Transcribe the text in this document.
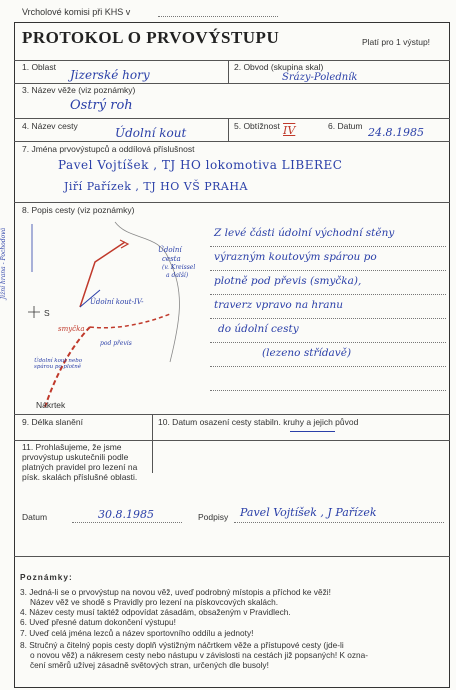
Vrcholové komisi při KHS v
PROTOKOL O PRVOVÝSTUPU	Platí pro 1 výstup!
1. Oblast
Jizerské hory
2. Obvod (skupina skal)
Srázy-Poledník
3. Název věže (viz poznámky)
Ostrý roh
4. Název cesty	Údolní kout	5. Obtížnost IV	6. Datum 24.8.1985
7. Jména prvovýstupců a oddílová příslušnost
Pavel Vojtíšek , TJ HO lokomotiva LIBEREC
Jiří Pařízek , TJ HO VŠ PRAHA
8. Popis cesty (viz poznámky)
Z levé části údolní východní stěny
výrazným koutovým spárou po
plotně pod převis (smyčka),
traverz vpravo na hranu
do údolní cesty
(lezeno střídavě)
Údolní
cesta
(v. Kreissel
a další)
Údolní kout-IV-
smyčka
pod převis
Jižní hrana - Pochodová
S
Údolní kout nebo spárou po plotně
Nákrtek
9. Délka slanění	10. Datum osazení cesty stabiln. kruhy a jejich původ
11. Prohlašujeme, že jsme prvovýstup uskutečnili podle platných pravidel pro lezení na písk. skalách příslušné oblasti.
Datum	30.8.1985	Podpisy Pavel Vojtíšek , J Pařízek
Poznámky:
3. Jedná-li se o prvovýstup na novou věž, uveď podrobný místopis a příchod ke věži!
Název věž ve shodě s Pravidly pro lezení na pískovcových skalách.
4. Název cesty musí taktéž odpovídat zásadám, obsaženým v Pravidlech.
6. Uveď přesné datum dokončení výstupu!
7. Uveď celá jména lezců a název sportovního oddílu a jednoty!
8. Stručný a čitelný popis cesty doplň výstižným náčrtkem věže a přístupové cesty (jde-li
o novou věž) a nákresem cesty nebo nástupu v závislosti na cestách již popsaných! K ozna-
čení směrů užívej zásadně světových stran, určených dle busoly!
